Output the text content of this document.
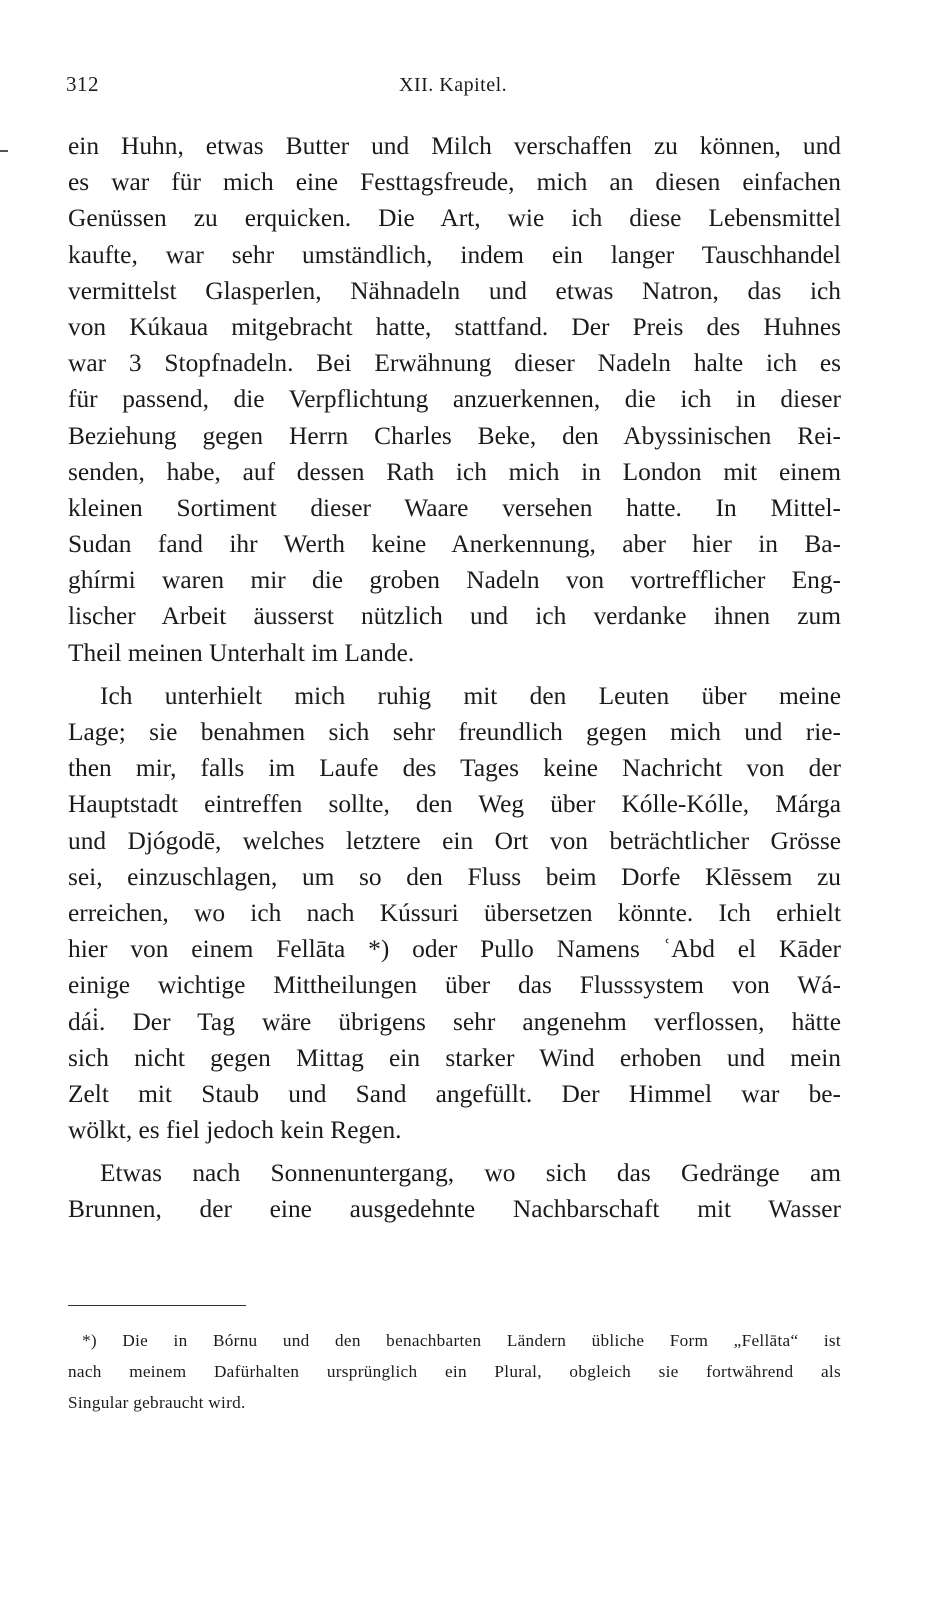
312	XII. Kapitel.
ein Huhn, etwas Butter und Milch verschaffen zu können, und
es war für mich eine Festtagsfreude, mich an diesen einfachen
Genüssen zu erquicken. Die Art, wie ich diese Lebensmittel
kaufte, war sehr umständlich, indem ein langer Tauschhandel
vermittelst Glasperlen, Nähnadeln und etwas Natron, das ich
von Kúkaua mitgebracht hatte, stattfand. Der Preis des Huhnes
war 3 Stopfnadeln. Bei Erwähnung dieser Nadeln halte ich es
für passend, die Verpflichtung anzuerkennen, die ich in dieser
Beziehung gegen Herrn Charles Beke, den Abyssinischen Rei-
senden, habe, auf dessen Rath ich mich in London mit einem
kleinen Sortiment dieser Waare versehen hatte. In Mittel-
Sudan fand ihr Werth keine Anerkennung, aber hier in Ba-
ghírmi waren mir die groben Nadeln von vortrefflicher Eng-
lischer Arbeit äusserst nützlich und ich verdanke ihnen zum
Theil meinen Unterhalt im Lande.
Ich unterhielt mich ruhig mit den Leuten über meine
Lage; sie benahmen sich sehr freundlich gegen mich und rie-
then mir, falls im Laufe des Tages keine Nachricht von der
Hauptstadt eintreffen sollte, den Weg über Kólle-Kólle, Márga
und Djógodē, welches letztere ein Ort von beträchtlicher Grösse
sei, einzuschlagen, um so den Fluss beim Dorfe Klēssem zu
erreichen, wo ich nach Kússuri übersetzen könnte. Ich erhielt
hier von einem Fellāta *) oder Pullo Namens ʿAbd el Kāder
einige wichtige Mittheilungen über das Flusssystem von Wá-
dái̇. Der Tag wäre übrigens sehr angenehm verflossen, hätte
sich nicht gegen Mittag ein starker Wind erhoben und mein
Zelt mit Staub und Sand angefüllt. Der Himmel war be-
wölkt, es fiel jedoch kein Regen.
Etwas nach Sonnenuntergang, wo sich das Gedränge am
Brunnen, der eine ausgedehnte Nachbarschaft mit Wasser
*) Die in Bórnu und den benachbarten Ländern übliche Form „Fellāta“ ist
nach meinem Dafürhalten ursprünglich ein Plural, obgleich sie fortwährend als
Singular gebraucht wird.
